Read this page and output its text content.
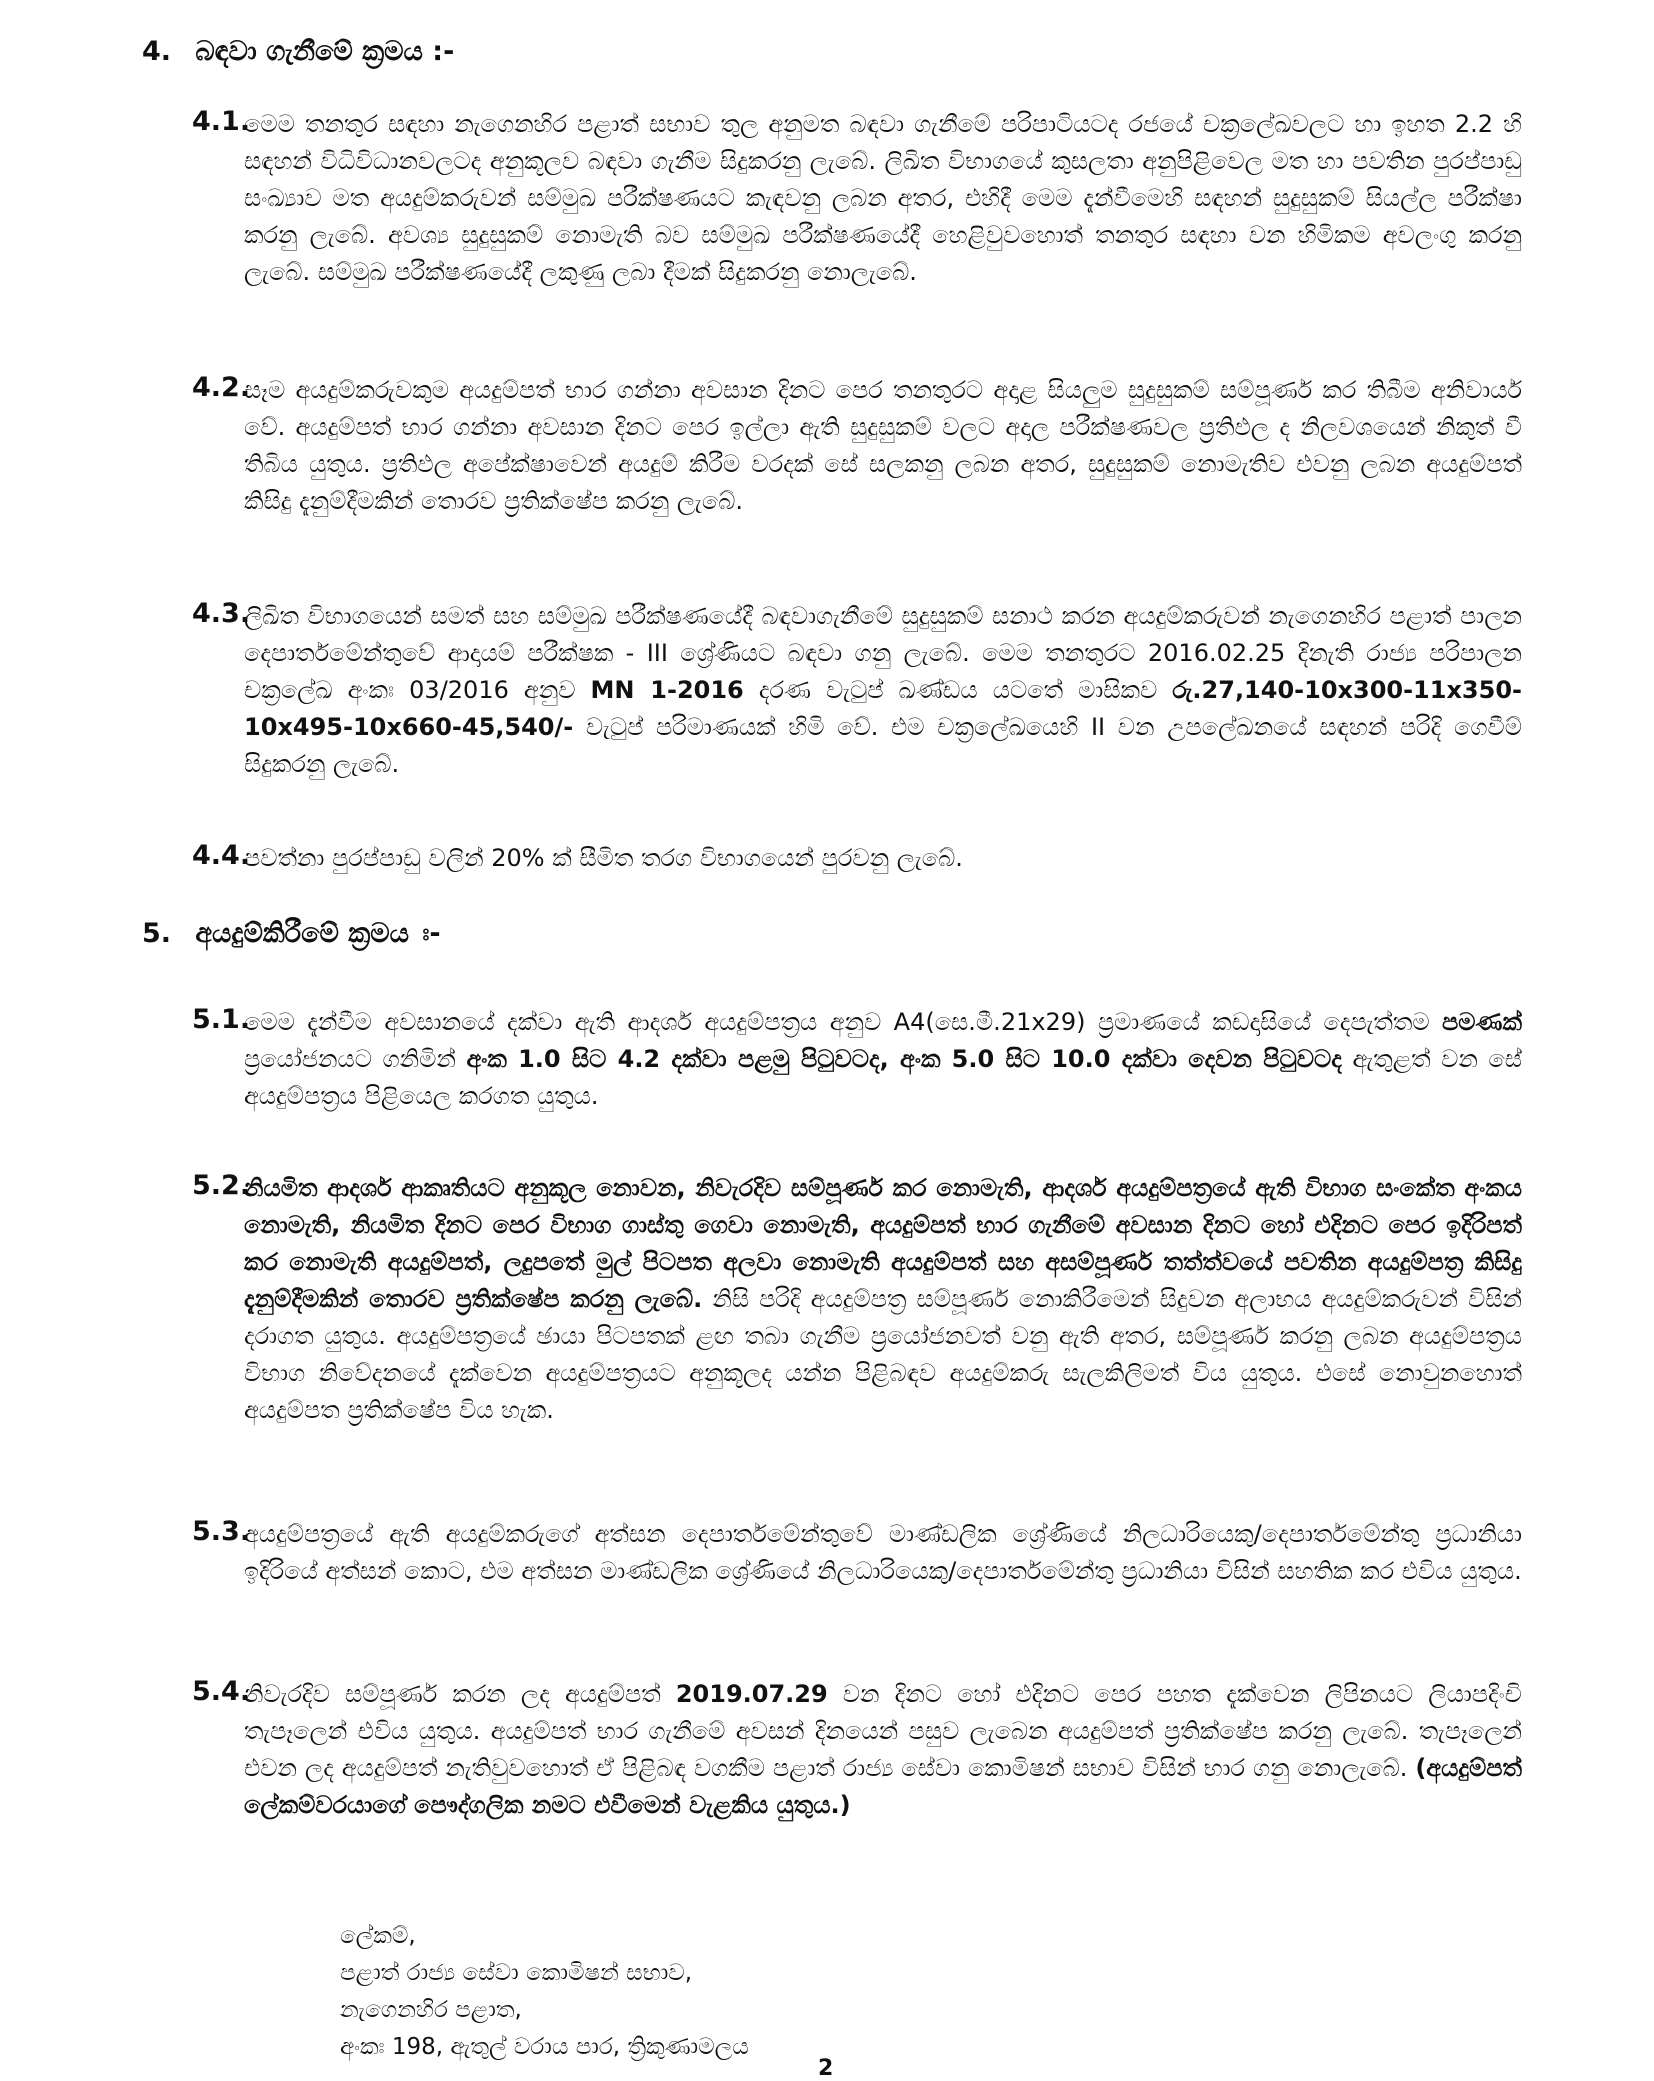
4. බඳවා ගැනීමේ ක්‍රමය :-
4.1.
මෙම තනතුර සඳහා නැගෙනහිර පළාත් සභාව තුල අනුමත බඳවා ගැනීමේ පරිපාටියටද රජයේ චක්‍රලේඛවලට හා ඉහත 2.2 හි සඳහන් විධිවිධානවලටද අනුකූලව බඳවා ගැනීම සිදුකරනු ලැබේ. ලිඛිත විභාගයේ කුසලතා අනුපිළිවෙල මත හා පවතින පුරප්පාඩු සංඛ්‍යාව මත අයදුම්කරුවන් සම්මුඛ පරීක්ෂණයට කැඳවනු ලබන අතර, එහිදී මෙම දැන්වීමෙහි සඳහන් සුදුසුකම් සියල්ල පරීක්ෂා කරනු ලැබේ. අවශ්‍ය සුදුසුකම් නොමැති බව සම්මුඛ පරීක්ෂණයේදී හෙළිවුවහොත් තනතුර සඳහා වන හිමිකම අවලංගු කරනු ලැබේ. සම්මුඛ පරීක්ෂණයේදී ලකුණු ලබා දීමක් සිදුකරනු නොලැබේ.
4.2.
සෑම අයදුම්කරුවකුම අයදුම්පත් භාර ගන්නා අවසාන දිනට පෙර තනතුරට අදාළ සියලුම සුදුසුකම් සම්පූර්ණ කර තිබීම අනිවාර්ය වේ. අයදුම්පත් භාර ගන්නා අවසාන දිනට පෙර ඉල්ලා ඇති සුදුසුකම් වලට අදාල පරීක්ෂණවල ප්‍රතිඵල ද නිලවශයෙන් නිකුත් වී තිබිය යුතුය. ප්‍රතිඵල අපේක්ෂාවෙන් අයදුම් කිරීම වරදක් සේ සලකනු ලබන අතර, සුදුසුකම් නොමැතිව එවනු ලබන අයදුම්පත් කිසිදු දැනුම්දීමකින් තොරව ප්‍රතික්ෂේප කරනු ලැබේ.
4.3.
ලිඛිත විභාගයෙන් සමත් සහ සම්මුඛ පරීක්ෂණයේදී බඳවාගැනීමේ සුදුසුකම් සනාථ කරන අයදුම්කරුවන් නැගෙනහිර පළාත් පාලන දෙපාර්තමේන්තුවේ ආදායම් පරීක්ෂක - III ශ්‍රේණියට බඳවා ගනු ලැබේ. මෙම තනතුරට 2016.02.25 දිනැති රාජ්‍ය පරිපාලන චක්‍රලේඛ අංකඃ 03/2016 අනුව MN 1-2016 දරණ වැටුප් ඛණ්ඩය යටතේ මාසිකව රු.27,140-10x300-11x350-10x495-10x660-45,540/- වැටුප් පරිමාණයක් හිමි වේ. එම චක්‍රලේඛයෙහි II වන උපලේඛනයේ සඳහන් පරිදි ගෙවීම් සිදුකරනු ලැබේ.
4.4.
පවත්නා පුරප්පාඩු වලින් 20% ක් සීමිත තරග විභාගයෙන් පුරවනු ලැබේ.
5. අයදුම්කිරීමේ ක්‍රමය ඃ-
5.1.
මෙම දැන්වීම අවසානයේ දක්වා ඇති ආදර්ශ අයදුම්පත්‍රය අනුව A4(සෙ.මී.21x29) ප්‍රමාණයේ කඩදාසියේ දෙපැත්තම පමණක් ප්‍රයෝජනයට ගනිමින් අංක 1.0 සිට 4.2 දක්වා පළමු පිටුවටද, අංක 5.0 සිට 10.0 දක්වා දෙවන පිටුවටද ඇතුළත් වන සේ අයදුම්පත්‍රය පිළියෙල කරගත යුතුය.
5.2.
නියමිත ආදර්ශ ආකෘතියට අනුකූල නොවන, නිවැරදිව සම්පූර්ණ කර නොමැති, ආදර්ශ අයදුම්පත්‍රයේ ඇති විභාග සංකේත අංකය නොමැති, නියමිත දිනට පෙර විභාග ගාස්තු ගෙවා නොමැති, අයදුම්පත් භාර ගැනීමේ අවසාන දිනට හෝ එදිනට පෙර ඉදිරිපත් කර නොමැති අයදුම්පත්, ලදුපතේ මුල් පිටපත අලවා නොමැති අයදුම්පත් සහ අසම්පූර්ණ තත්ත්වයේ පවතින අයදුම්පත්‍ර කිසිදු දැනුම්දීමකින් තොරව ප්‍රතික්ෂේප කරනු ලැබේ. නිසි පරිදි අයදුම්පත්‍ර සම්පූර්ණ නොකිරීමෙන් සිදුවන අලාභය අයදුම්කරුවන් විසින් දරාගත යුතුය. අයදුම්පත්‍රයේ ඡායා පිටපතක් ළඟ තබා ගැනීම ප්‍රයෝජනවත් වනු ඇති අතර, සම්පූර්ණ කරනු ලබන අයදුම්පත්‍රය විභාග නිවේදනයේ දැක්වෙන අයදුම්පත්‍රයට අනුකූලද යන්න පිළිබඳව අයදුම්කරු සැලකිලිමත් විය යුතුය. එසේ නොවුනහොත් අයදුම්පත ප්‍රතික්ෂේප විය හැක.
5.3.
අයදුම්පත්‍රයේ ඇති අයදුම්කරුගේ අත්සන දෙපාර්තමේන්තුවේ මාණ්ඩලික ශ්‍රේණියේ නිලධාරියෙකු/දෙපාර්තමේන්තු ප්‍රධානියා ඉදිරියේ අත්සන් කොට, එම අත්සන මාණ්ඩලික ශ්‍රේණියේ නිලධාරියෙකු/දෙපාර්තමේන්තු ප්‍රධානියා විසින් සහතික කර එවිය යුතුය.
5.4.
නිවැරදිව සම්පූර්ණ කරන ලද අයදුම්පත් 2019.07.29 වන දිනට හෝ එදිනට පෙර පහත දැක්වෙන ලිපිනයට ලියාපදිංචි තැපෑලෙන් එවිය යුතුය. අයදුම්පත් භාර ගැනීමේ අවසන් දිනයෙන් පසුව ලැබෙන අයදුම්පත් ප්‍රතික්ෂේප කරනු ලැබේ. තැපෑලෙන් එවන ලද අයදුම්පත් නැතිවුවහොත් ඒ පිළිබඳ වගකීම පළාත් රාජ්‍ය සේවා කොමිෂන් සභාව විසින් භාර ගනු නොලැබේ. (අයදුම්පත් ලේකම්වරයාගේ පෞද්ගලික නමට එවීමෙන් වැළකිය යුතුය.)
ලේකම්,
පළාත් රාජ්‍ය සේවා කොමිෂන් සභාව,
නැගෙනහිර පළාත,
අංකඃ 198, ඇතුල් වරාය පාර, ත්‍රිකුණාමලය
2
